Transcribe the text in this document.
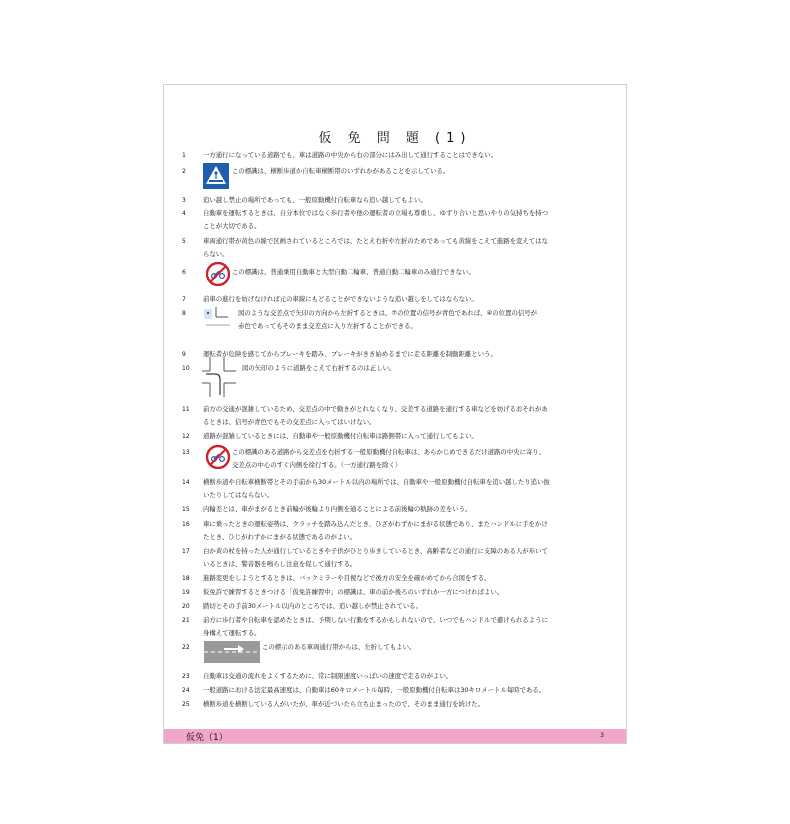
仮 免 問 題 (1)
1	一方通行になっている道路でも、車は道路の中央から右の部分にはみ出して通行することはできない。
2	この標識は、横断歩道か自転車横断帯のいずれかがあることを示している。
3	追い越し禁止の場所であっても、一般原動機付自転車なら追い越してもよい。
4	自動車を運転するときは、自分本位ではなく歩行者や他の運転者の立場も尊重し、ゆずり合いと思いやりの気持ちを持つ
ことが大切である。
5	車両通行帯が黄色の線で区画されているところでは、たとえ右折や左折のためであっても黄線をこえて進路を変えてはな
らない。
6	この標識は、普通乗用自動車と大型自動二輪車、普通自動二輪車のみ通行できない。
7	前車の進行を妨げなければ元の車線にもどることができないような追い越しをしてはならない。
8	図のような交差点で矢印の方向から左折するときは、⑦の位置の信号が青色であれば、④の位置の信号が
赤色であってもそのまま交差点に入り左折することができる。
9	運転者が危険を感じてからブレーキを踏み、ブレーキがきき始めるまでに走る距離を制動距離という。
10	図の矢印のように道路をこえて右折するのは正しい。
11	前方の交通が混雑しているため、交差点の中で動きがとれなくなり、交差する道路を通行する車などを妨げるおそれがあ
るときは、信号が青色でもその交差点に入ってはいけない。
12	道路が混雑しているときには、自動車や一般原動機付自転車は路側帯に入って通行してもよい。
13	この標識のある道路から交差点を右折する一般原動機付自転車は、あらかじめできるだけ道路の中央に寄り、
交差点の中心のすぐ内側を徐行する。（一方通行路を除く）
14	横断歩道や自転車横断帯とその手前から30メートル以内の場所では、自動車や一般原動機付自転車を追い越したり追い抜
いたりしてはならない。
15	内輪差とは、車がまがるとき前輪が後輪より内側を通ることによる前後輪の軌跡の差をいう。
16	車に乗ったときの運転姿勢は、クラッチを踏み込んだとき、ひざがわずかにまがる状態であり、またハンドルに手をかけ
たとき、ひじがわずかにまがる状態であるのがよい。
17	白か黄の杖を持った人が通行しているときや子供がひとり歩きしているとき、高齢者などの通行に支障のある人が歩いて
いるときは、警音器を鳴らし注意を促して通行する。
18	進路変更をしようとするときは、バックミラーや目視などで後方の安全を確かめてから合図をする。
19	仮免許で練習するときつける「仮免許練習中」の標識は、車の前か後ろのいずれか一方につければよい。
20	踏切とその手前30メートル以内のところでは、追い越しが禁止されている。
21	前方に歩行者や自転車を認めたときは、予期しない行動をするかもしれないので、いつでもハンドルで避けられるように
身構えて運転する。
22	この標示のある車両通行帯からは、左折してもよい。
23	自動車は交通の流れをよくするために、常に制限速度いっぱいの速度で走るのがよい。
24	一般道路における法定最高速度は、自動車は60キロメートル毎時、一般原動機付自転車は30キロメートル毎時である。
25	横断歩道を横断している人がいたが、車が近づいたら立ち止まったので、そのまま通行を続けた。
仮免（1）	3
